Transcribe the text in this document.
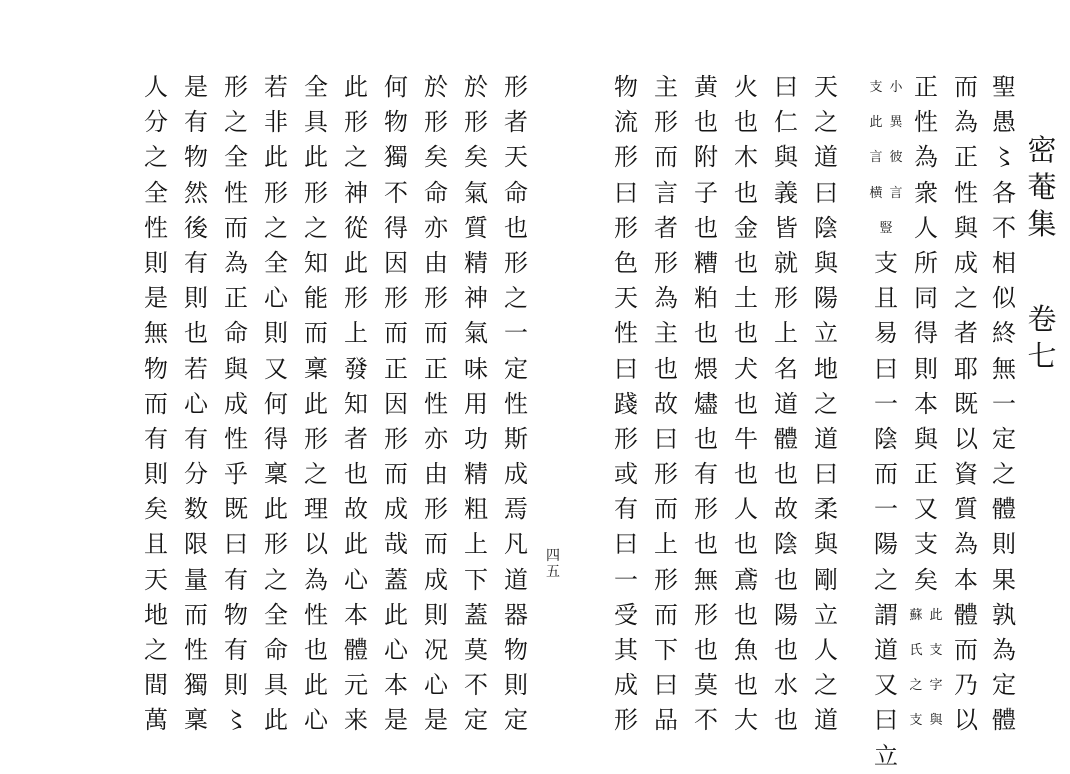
密
菴
集
卷
七
四
五
聖
愚
〻
各
不
相
似
終
無
一
定
之
體
則
果
孰
為
定
體
而
為
正
性
與
成
之
者
耶
既
以
資
質
為
本
體
而
乃
以
正
性
為
衆
人
所
同
得
則
本
與
正
又
支
矣
蘇
氏
之
支
此
支
字
與
支
此
言
横
小
異
彼
言
豎
支
且
易
曰
一
陰
而
一
陽
之
謂
道
又
曰
立
天
之
道
曰
陰
與
陽
立
地
之
道
曰
柔
與
剛
立
人
之
道
曰
仁
與
義
皆
就
形
上
名
道
體
也
故
陰
也
陽
也
水
也
火
也
木
也
金
也
土
也
犬
也
牛
也
人
也
鳶
也
魚
也
大
黄
也
附
子
也
糟
粕
也
煨
燼
也
有
形
也
無
形
也
莫
不
主
形
而
言
者
形
為
主
也
故
曰
形
而
上
形
而
下
曰
品
物
流
形
曰
形
色
天
性
曰
踐
形
或
有
曰
一
受
其
成
形
形
者
天
命
也
形
之
一
定
性
斯
成
焉
凡
道
器
物
則
定
於
形
矣
氣
質
精
神
氣
味
用
功
精
粗
上
下
蓋
莫
不
定
於
形
矣
命
亦
由
形
而
正
性
亦
由
形
而
成
則
况
心
是
何
物
獨
不
得
因
形
而
正
因
形
而
成
哉
蓋
此
心
本
是
此
形
之
神
從
此
形
上
發
知
者
也
故
此
心
本
體
元
来
全
具
此
形
之
知
能
而
稟
此
形
之
理
以
為
性
也
此
心
若
非
此
形
之
全
心
則
又
何
得
稟
此
形
之
全
命
具
此
形
之
全
性
而
為
正
命
與
成
性
乎
既
曰
有
物
有
則
〻
是
有
物
然
後
有
則
也
若
心
有
分
数
限
量
而
性
獨
稟
人
分
之
全
性
則
是
無
物
而
有
則
矣
且
天
地
之
間
萬
